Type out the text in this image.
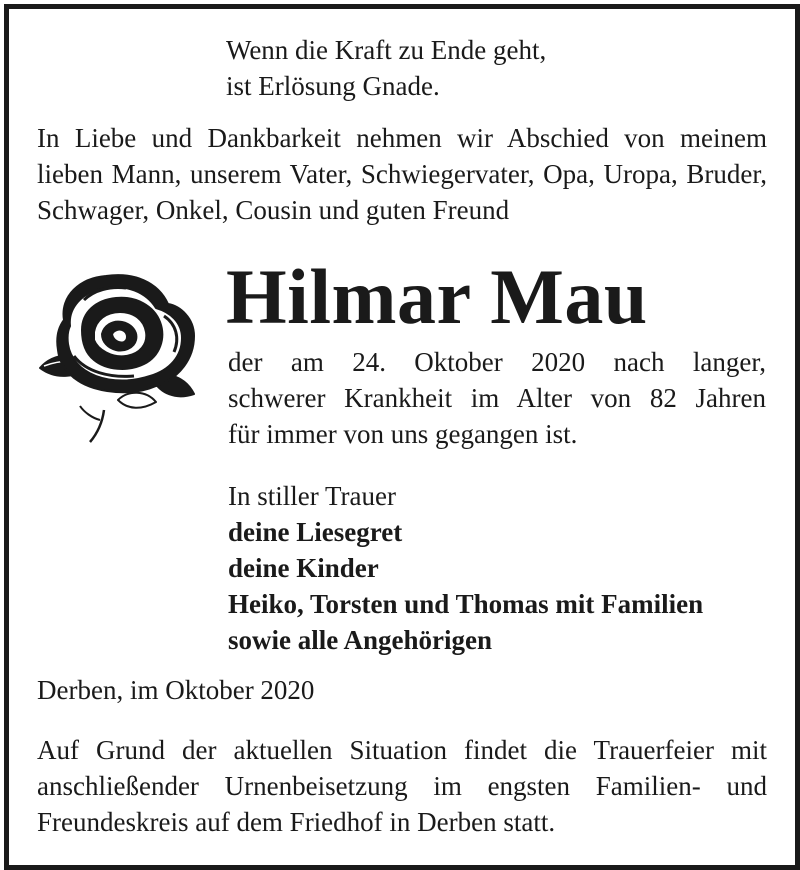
Wenn die Kraft zu Ende geht,
ist Erlösung Gnade.
In Liebe und Dankbarkeit nehmen wir Abschied von meinem lieben Mann, unserem Vater, Schwiegervater, Opa, Uropa, Bruder, Schwager, Onkel, Cousin und guten Freund
Hilmar Mau
der am 24. Oktober 2020 nach langer,
schwerer Krankheit im Alter von 82 Jahren
für immer von uns gegangen ist.
In stiller Trauer
deine Liesegret
deine Kinder
Heiko, Torsten und Thomas mit Familien
sowie alle Angehörigen
Derben, im Oktober 2020
Auf Grund der aktuellen Situation findet die Trauerfeier mit
anschließender Urnenbeisetzung im engsten Familien- und
Freundeskreis auf dem Friedhof in Derben statt.
